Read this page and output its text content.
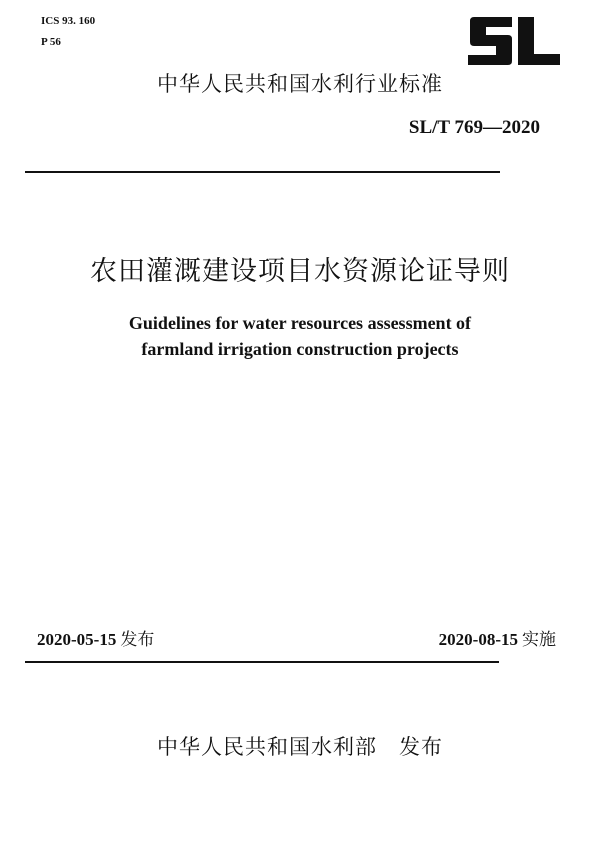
ICS 93. 160
P 56
中华人民共和国水利行业标准
SL/T 769—2020
农田灌溉建设项目水资源论证导则
Guidelines for water resources assessment of
farmland irrigation construction projects
2020-05-15 发布	2020-08-15 实施
中华人民共和国水利部 发布
